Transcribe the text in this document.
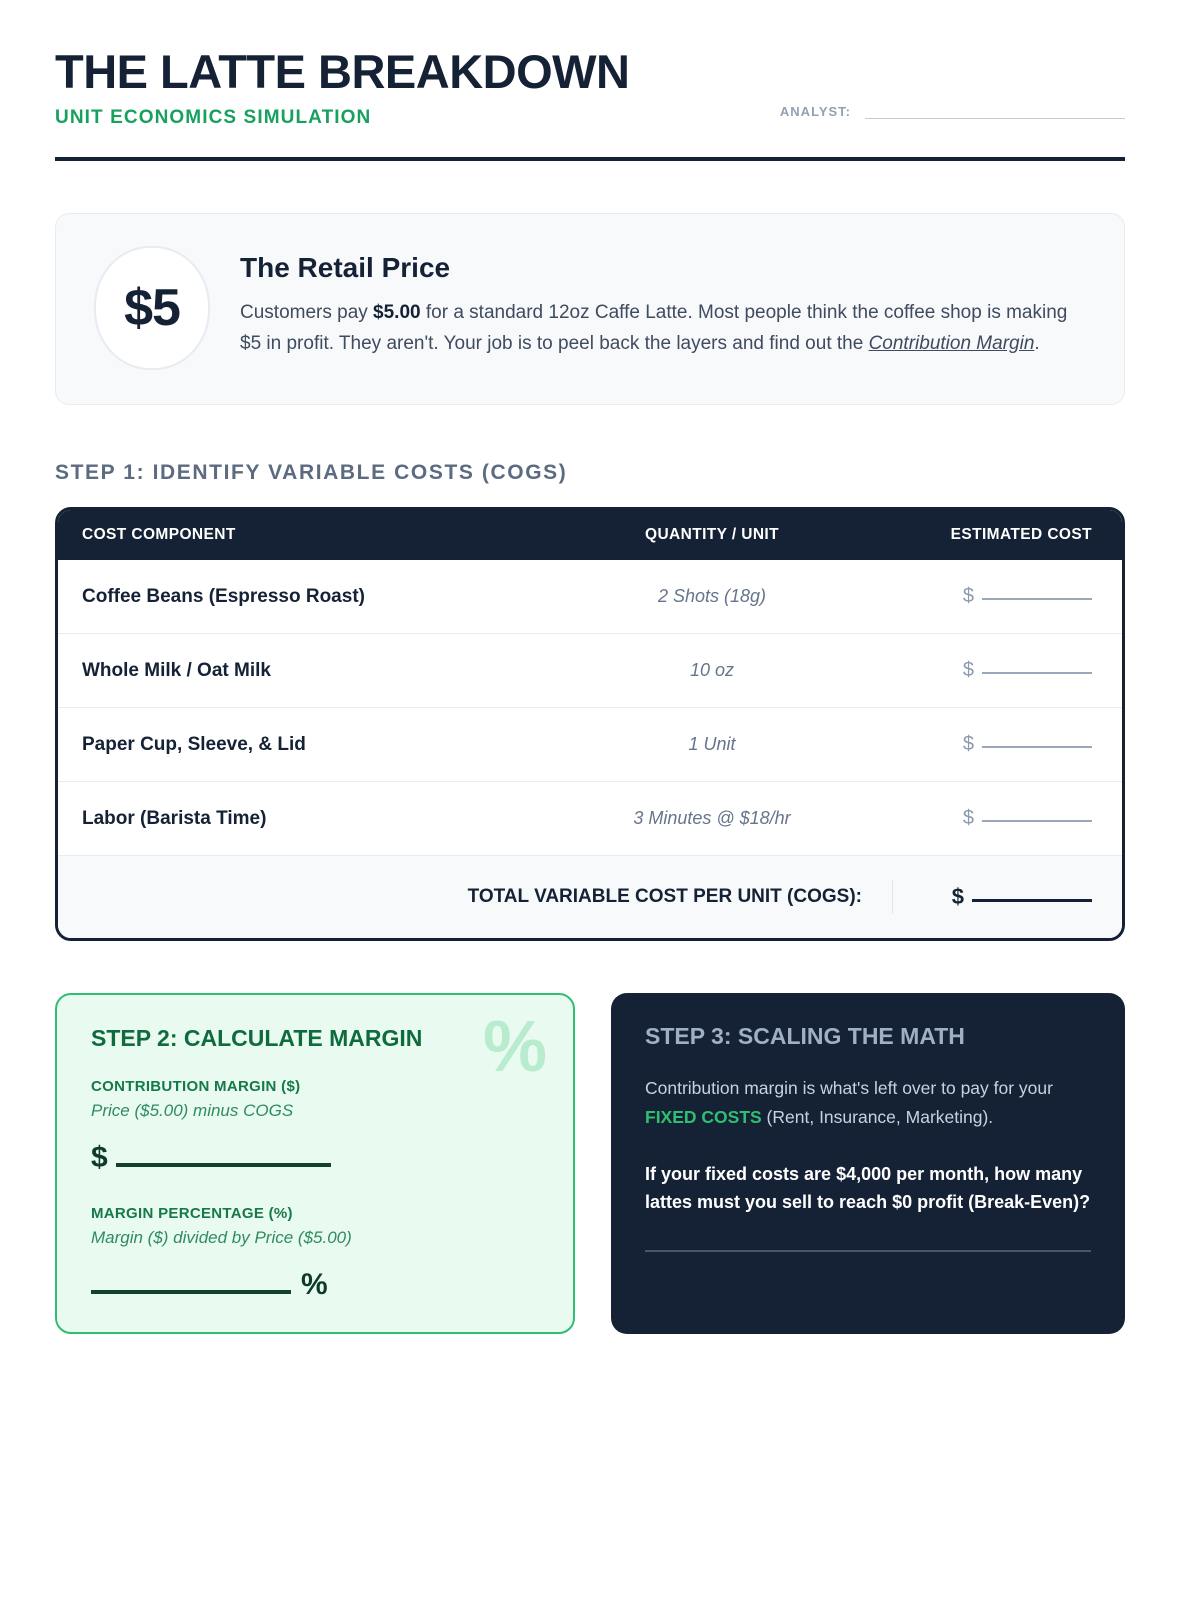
THE LATTE BREAKDOWN
UNIT ECONOMICS SIMULATION	ANALYST:
$5
The Retail Price
Customers pay $5.00 for a standard 12oz Caffe Latte. Most people think the coffee shop is making $5 in profit. They aren't. Your job is to peel back the layers and find out the Contribution Margin.
STEP 1: IDENTIFY VARIABLE COSTS (COGS)
COST COMPONENT	QUANTITY / UNIT	ESTIMATED COST
Coffee Beans (Espresso Roast)	2 Shots (18g)	$
Whole Milk / Oat Milk	10 oz	$
Paper Cup, Sleeve, & Lid	1 Unit	$
Labor (Barista Time)	3 Minutes @ $18/hr	$
TOTAL VARIABLE COST PER UNIT (COGS):	$
%
STEP 2: CALCULATE MARGIN
CONTRIBUTION MARGIN ($)
Price ($5.00) minus COGS
$
MARGIN PERCENTAGE (%)
Margin ($) divided by Price ($5.00)
%
STEP 3: SCALING THE MATH
Contribution margin is what's left over to pay for your FIXED COSTS (Rent, Insurance, Marketing).
If your fixed costs are $4,000 per month, how many lattes must you sell to reach $0 profit (Break-Even)?
